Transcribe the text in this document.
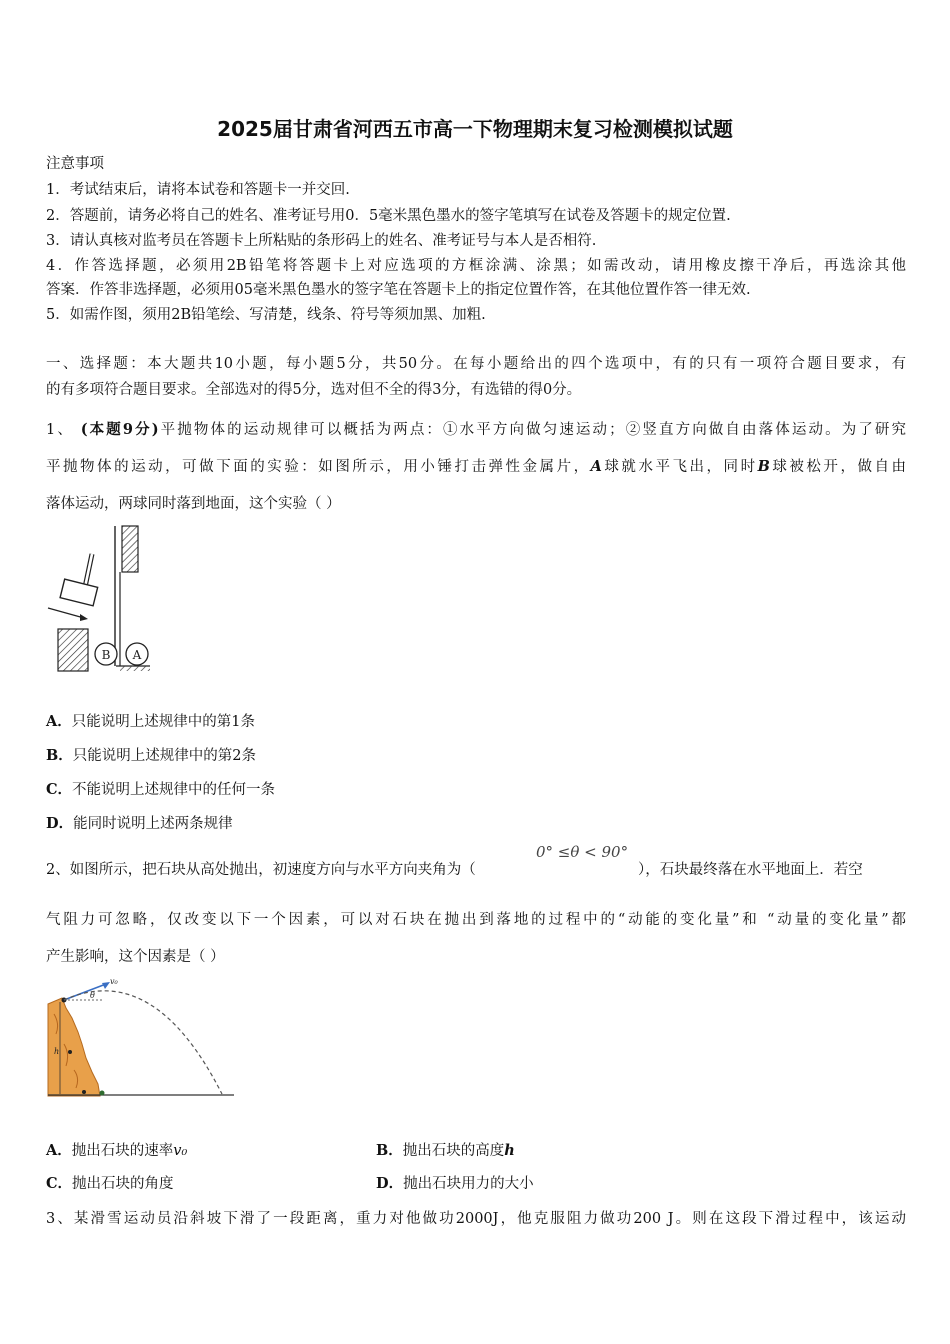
2025届甘肃省河西五市高一下物理期末复习检测模拟试题
注意事项
1．考试结束后，请将本试卷和答题卡一并交回.
2．答题前，请务必将自己的姓名、准考证号用0．5毫米黑色墨水的签字笔填写在试卷及答题卡的规定位置.
3．请认真核对监考员在答题卡上所粘贴的条形码上的姓名、准考证号与本人是否相符.
4．作答选择题，必须用2B铅笔将答题卡上对应选项的方框涂满、涂黑；如需改动，请用橡皮擦干净后，再选涂其他
答案．作答非选择题，必须用05毫米黑色墨水的签字笔在答题卡上的指定位置作答，在其他位置作答一律无效.
5．如需作图，须用2B铅笔绘、写清楚，线条、符号等须加黑、加粗.
一、选择题：本大题共10小题，每小题5分，共50分。在每小题给出的四个选项中，有的只有一项符合题目要求，有
的有多项符合题目要求。全部选对的得5分，选对但不全的得3分，有选错的得0分。
1、 (本题9分)平抛物体的运动规律可以概括为两点：①水平方向做匀速运动；②竖直方向做自由落体运动。为了研究
平抛物体的运动，可做下面的实验：如图所示，用小锤打击弹性金属片，A球就水平飞出，同时B球被松开，做自由
落体运动，两球同时落到地面，这个实验（ ）
B A
A．只能说明上述规律中的第1条
B．只能说明上述规律中的第2条
C．不能说明上述规律中的任何一条
D．能同时说明上述两条规律
2、如图所示，把石块从高处抛出，初速度方向与水平方向夹角为（
0° ≤θ < 90°
），石块最终落在水平地面上．若空
气阻力可忽略，仅改变以下一个因素，可以对石块在抛出到落地的过程中的“动能的变化量”和 “动量的变化量”都
产生影响，这个因素是（ ）
h
v₀
θ
A．抛出石块的速率v₀	B．抛出石块的高度h
C．抛出石块的角度	D．抛出石块用力的大小
3、某滑雪运动员沿斜坡下滑了一段距离，重力对他做功2000J，他克服阻力做功200 J。则在这段下滑过程中，该运动
